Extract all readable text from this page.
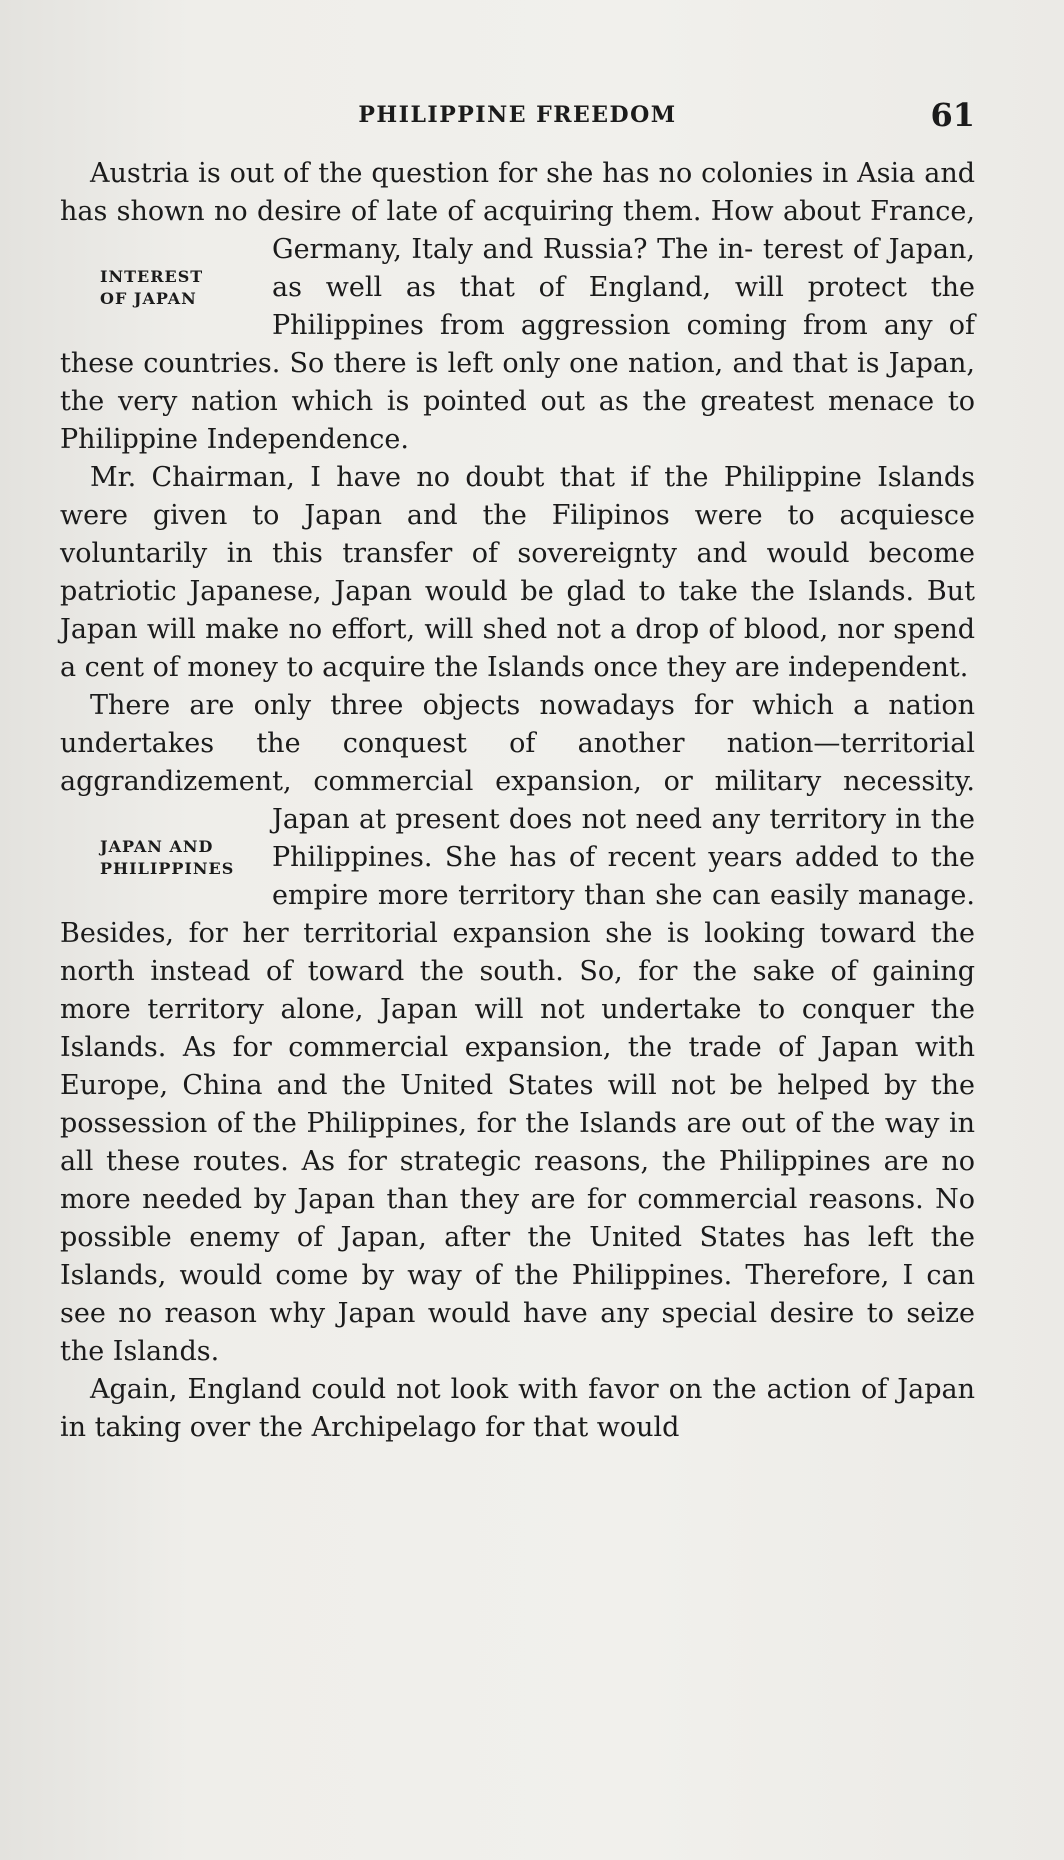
PHILIPPINE FREEDOM	61

Austria is out of the question for she has no colonies in Asia and has shown no desire of late of acquiring them. How about France, Germany, Italy and Russia? The in-
INTEREST
OF JAPAN
terest of Japan, as well as that of England, will protect the Philippines from aggression coming from any of these countries. So there is left only one nation, and that is Japan, the very nation which is pointed out as the greatest menace to Philippine Independence.

Mr. Chairman, I have no doubt that if the Philippine Islands were given to Japan and the Filipinos were to acquiesce voluntarily in this transfer of sovereignty and would become patriotic Japanese, Japan would be glad to take the Islands. But Japan will make no effort, will shed not a drop of blood, nor spend a cent of money to acquire the Islands once they are independent.

There are only three objects nowadays for which a nation undertakes the conquest of another nation—territorial aggrandizement, commercial expansion, or military
JAPAN AND
PHILIPPINES
necessity. Japan at present does not need any territory in the Philippines. She has of recent years added to the empire more territory than she can easily manage. Besides, for her territorial expansion she is looking toward the north instead of toward the south. So, for the sake of gaining more territory alone, Japan will not undertake to conquer the Islands. As for commercial expansion, the trade of Japan with Europe, China and the United States will not be helped by the possession of the Philippines, for the Islands are out of the way in all these routes. As for strategic reasons, the Philippines are no more needed by Japan than they are for commercial reasons. No possible enemy of Japan, after the United States has left the Islands, would come by way of the Philippines. Therefore, I can see no reason why Japan would have any special desire to seize the Islands.

Again, England could not look with favor on the action of Japan in taking over the Archipelago for that would
